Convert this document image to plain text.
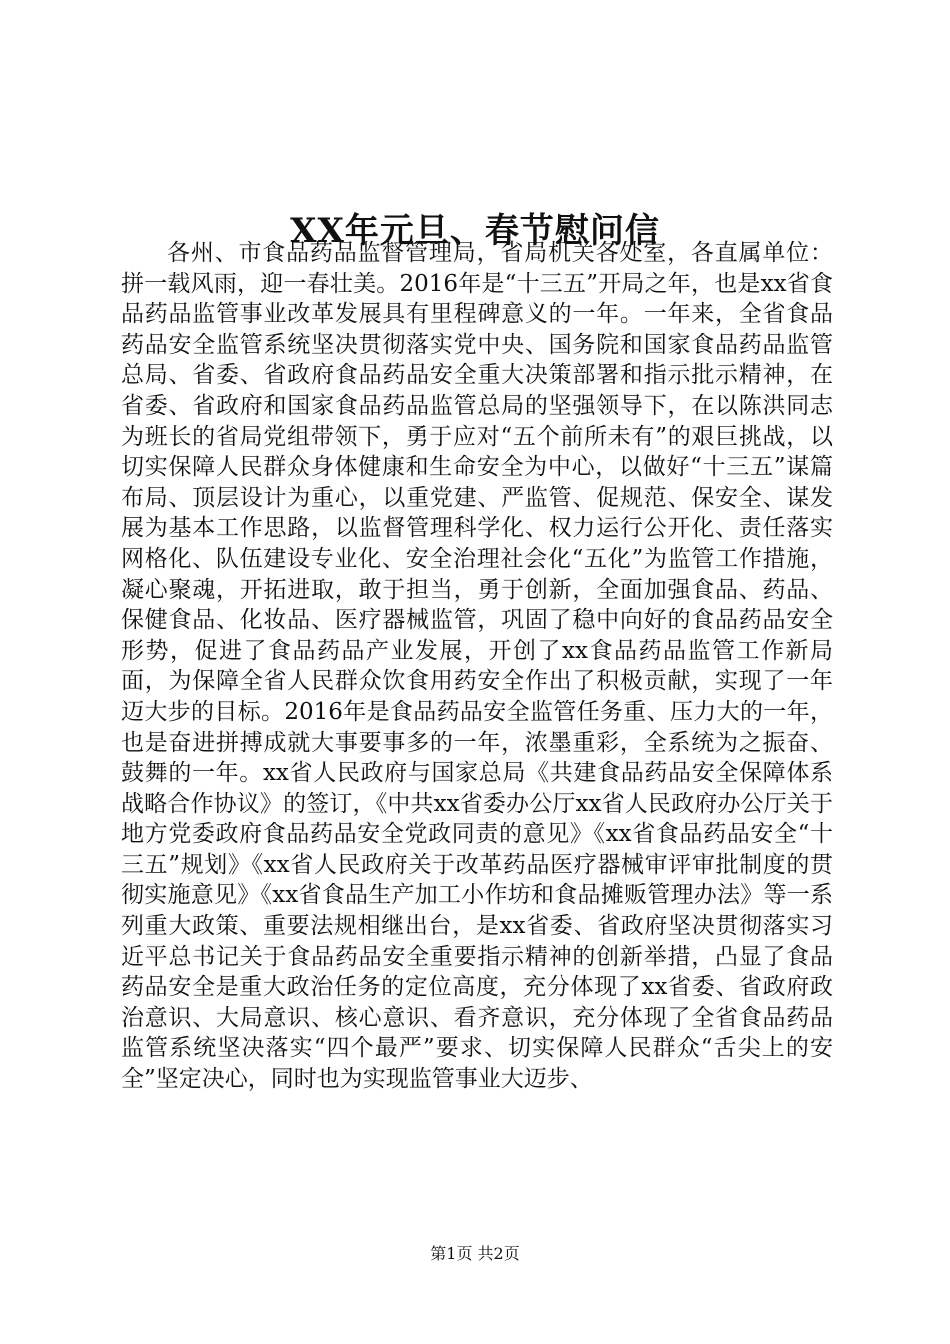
XX年元旦、春节慰问信

各州、市食品药品监督管理局，省局机关各处室，各直属单位：拼一载风雨，迎一春壮美。2016年是“十三五”开局之年，也是xx省食品药品监管事业改革发展具有里程碑意义的一年。一年来，全省食品药品安全监管系统坚决贯彻落实党中央、国务院和国家食品药品监管总局、省委、省政府食品药品安全重大决策部署和指示批示精神，在省委、省政府和国家食品药品监管总局的坚强领导下，在以陈洪同志为班长的省局党组带领下，勇于应对“五个前所未有”的艰巨挑战，以切实保障人民群众身体健康和生命安全为中心，以做好“十三五”谋篇布局、顶层设计为重心，以重党建、严监管、促规范、保安全、谋发展为基本工作思路，以监督管理科学化、权力运行公开化、责任落实网格化、队伍建设专业化、安全治理社会化“五化”为监管工作措施，凝心聚魂，开拓进取，敢于担当，勇于创新，全面加强食品、药品、保健食品、化妆品、医疗器械监管，巩固了稳中向好的食品药品安全形势，促进了食品药品产业发展，开创了xx食品药品监管工作新局面，为保障全省人民群众饮食用药安全作出了积极贡献，实现了一年迈大步的目标。2016年是食品药品安全监管任务重、压力大的一年，也是奋进拼搏成就大事要事多的一年，浓墨重彩，全系统为之振奋、鼓舞的一年。xx省人民政府与国家总局《共建食品药品安全保障体系战略合作协议》的签订，《中共xx省委办公厅xx省人民政府办公厅关于地方党委政府食品药品安全党政同责的意见》《xx省食品药品安全“十三五”规划》《xx省人民政府关于改革药品医疗器械审评审批制度的贯彻实施意见》《xx省食品生产加工小作坊和食品摊贩管理办法》等一系列重大政策、重要法规相继出台，是xx省委、省政府坚决贯彻落实习近平总书记关于食品药品安全重要指示精神的创新举措，凸显了食品药品安全是重大政治任务的定位高度，充分体现了xx省委、省政府政治意识、大局意识、核心意识、看齐意识，充分体现了全省食品药品监管系统坚决落实“四个最严”要求、切实保障人民群众“舌尖上的安全”坚定决心，同时也为实现监管事业大迈步、

第1页 共2页
